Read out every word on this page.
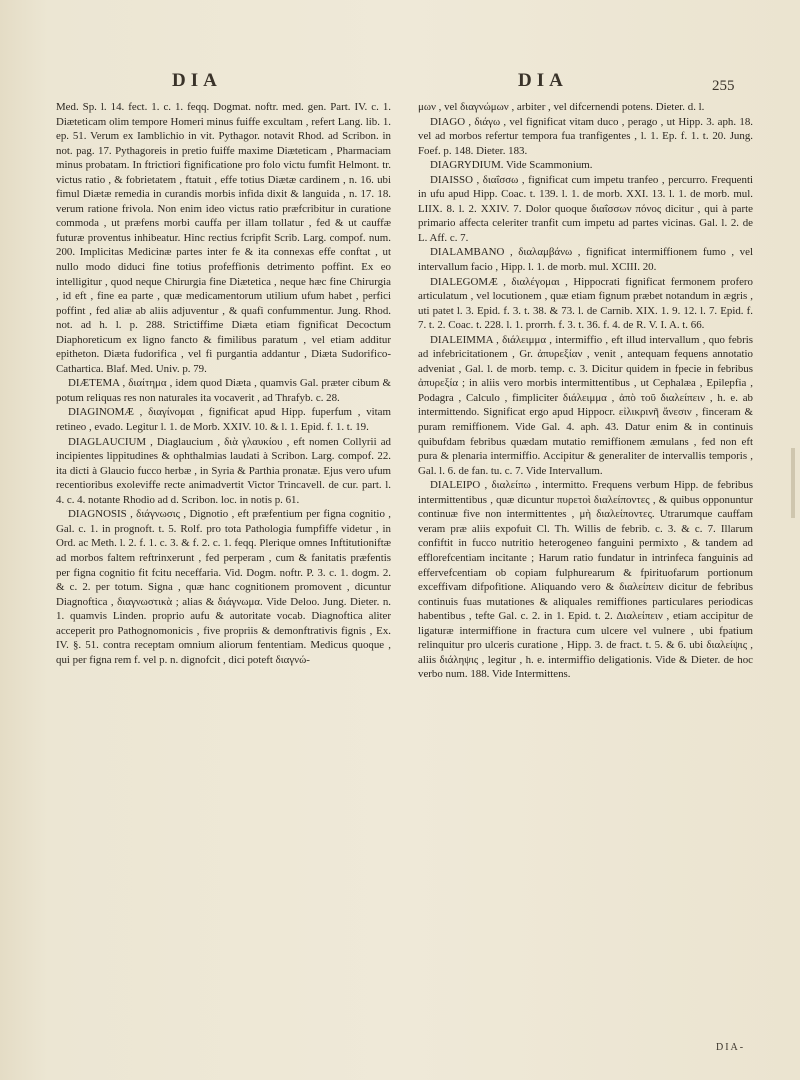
DIA	DIA	255

Med. Sp. l. 14. fect. 1. c. 1. feqq. Dogmat. noftr. med. gen. Part. IV. c. 1. Diæteticam olim tempore Homeri minus fuiffe excultam , refert Lang. lib. 1. ep. 51. Verum ex Iamblichio in vit. Pythagor. notavit Rhod. ad Scribon. in not. pag. 17. Pythagoreis in pretio fuiffe maxime Diæteticam , Pharmaciam minus probatam. In ftrictiori fignificatione pro folo victu fumfit Helmont. tr. victus ratio , & fobrietatem , ftatuit , effe totius Diætæ cardinem , n. 16. ubi fimul Diætæ remedia in curandis morbis infida dixit & languida , n. 17. 18. verum ratione frivola. Non enim ideo victus ratio præfcribitur in curatione commoda , ut præfens morbi cauffa per illam tollatur , fed & ut cauffæ futuræ proventus inhibeatur. Hinc rectius fcripfit Scrib. Larg. compof. num. 200. Implicitas Medicinæ partes inter fe & ita connexas effe conftat , ut nullo modo diduci fine totius profeffionis detrimento poffint. Ex eo intelligitur , quod neque Chirurgia fine Diætetica , neque hæc fine Chirurgia , id eft , fine ea parte , quæ medicamentorum utilium ufum habet , perfici poffint , fed aliæ ab aliis adjuventur , & quafi confummentur. Jung. Rhod. not. ad h. l. p. 288. Strictiffime Diæta etiam fignificat Decoctum Diaphoreticum ex ligno fancto & fimilibus paratum , vel etiam additur epitheton. Diæta fudorifica , vel fi purgantia addantur , Diæta Sudorifico-Cathartica. Blaf. Med. Univ. p. 79.

DIÆTEMA , διαίτημα , idem quod Diæta , quamvis Gal. præter cibum & potum reliquas res non naturales ita vocaverit , ad Thrafyb. c. 28.

DIAGINOMÆ , διαγίνομαι , fignificat apud Hipp. fuperfum , vitam retineo , evado. Legitur l. 1. de Morb. XXIV. 10. & l. 1. Epid. f. 1. t. 19.

DIAGLAUCIUM , Diaglaucium , διὰ γλαυκίου , eft nomen Collyrii ad incipientes lippitudines & ophthalmias laudati à Scribon. Larg. compof. 22. ita dicti à Glaucio fucco herbæ , in Syria & Parthia pronatæ. Ejus vero ufum recentioribus exoleviffe recte animadvertit Victor Trincavell. de cur. part. l. 4. c. 4. notante Rhodio ad d. Scribon. loc. in notis p. 61.

DIAGNOSIS , διάγνωσις , Dignotio , eft præfentium per figna cognitio , Gal. c. 1. in prognoft. t. 5. Rolf. pro tota Pathologia fumpfiffe videtur , in Ord. ac Meth. l. 2. f. 1. c. 3. & f. 2. c. 1. feqq. Plerique omnes Inftitutioniftæ ad morbos faltem reftrinxerunt , fed perperam , cum & fanitatis præfentis per figna cognitio fit fcitu neceffaria. Vid. Dogm. noftr. P. 3. c. 1. dogm. 2. & c. 2. per totum. Signa , quæ hanc cognitionem promovent , dicuntur Diagnoftica , διαγνωστικὰ ; alias & διάγνωμα. Vide Deloo. Jung. Dieter. n. 1. quamvis Linden. proprio aufu & autoritate vocab. Diagnoftica aliter acceperit pro Pathognomonicis , five propriis & demonftrativis fignis , Ex. IV. §. 51. contra receptam omnium aliorum fententiam. Medicus quoque , qui per figna rem f. vel p. n. dignofcit , dici poteft διαγνώ-

μων , vel διαγνώμων , arbiter , vel difcernendi potens. Dieter. d. l.

DIAGO , διάγω , vel fignificat vitam duco , perago , ut Hipp. 3. aph. 18. vel ad morbos refertur tempora fua tranfigentes , l. 1. Ep. f. 1. t. 20. Jung. Foef. p. 148. Dieter. 183.

DIAGRYDIUM. Vide Scammonium.

DIAISSO , διαΐσσω , fignificat cum impetu tranfeo , percurro. Frequenti in ufu apud Hipp. Coac. t. 139. l. 1. de morb. XXI. 13. l. 1. de morb. mul. LIIX. 8. l. 2. XXIV. 7. Dolor quoque διαΐσσων πόνος dicitur , qui à parte primario affecta celeriter tranfit cum impetu ad partes vicinas. Gal. l. 2. de L. Aff. c. 7.

DIALAMBANO , διαλαμβάνω , fignificat intermiffionem fumo , vel intervallum facio , Hipp. l. 1. de morb. mul. XCIII. 20.

DIALEGOMÆ , διαλέγομαι , Hippocrati fignificat fermonem profero articulatum , vel locutionem , quæ etiam fignum præbet notandum in ægris , uti patet l. 3. Epid. f. 3. t. 38. & 73. l. de Carnib. XIX. 1. 9. 12. l. 7. Epid. f. 7. t. 2. Coac. t. 228. l. 1. prorrh. f. 3. t. 36. f. 4. de R. V. I. A. t. 66.

DIALEIMMA , διάλειμμα , intermiffio , eft illud intervallum , quo febris ad infebricitationem , Gr. ἀπυρεξίαν , venit , antequam fequens annotatio adveniat , Gal. l. de morb. temp. c. 3. Dicitur quidem in fpecie in febribus ἀπυρεξία ; in aliis vero morbis intermittentibus , ut Cephalæa , Epilepfia , Podagra , Calculo , fimpliciter διάλειμμα , ἀπὸ τοῦ διαλείπειν , h. e. ab intermittendo. Significat ergo apud Hippocr. εἰλικρινῆ ἄνεσιν , finceram & puram remiffionem. Vide Gal. 4. aph. 43. Datur enim & in continuis quibufdam febribus quædam mutatio remiffionem æmulans , fed non eft pura & plenaria intermiffio. Accipitur & generaliter de intervallis temporis , Gal. l. 6. de fan. tu. c. 7. Vide Intervallum.

DIALEIPO , διαλείπω , intermitto. Frequens verbum Hipp. de febribus intermittentibus , quæ dicuntur πυρετοὶ διαλείποντες , & quibus opponuntur continuæ five non intermittentes , μὴ διαλείποντες. Utrarumque cauffam veram præ aliis expofuit Cl. Th. Willis de febrib. c. 3. & c. 7. Illarum confiftit in fucco nutritio heterogeneo fanguini permixto , & tandem ad efflorefcentiam incitante ; Harum ratio fundatur in intrinfeca fanguinis ad effervefcentiam ob copiam fulphurearum & fpirituofarum portionum exceffivam difpofitione. Aliquando vero & διαλείπειν dicitur de febribus continuis fuas mutationes & aliquales remiffiones particulares periodicas habentibus , tefte Gal. c. 2. in 1. Epid. t. 2. Διαλείπειν , etiam accipitur de ligaturæ intermiffione in fractura cum ulcere vel vulnere , ubi fpatium relinquitur pro ulceris curatione , Hipp. 3. de fract. t. 5. & 6. ubi διαλείψις , aliis διάληψις , legitur , h. e. intermiffio deligationis. Vide & Dieter. de hoc verbo num. 188. Vide Intermittens.

DIA-
